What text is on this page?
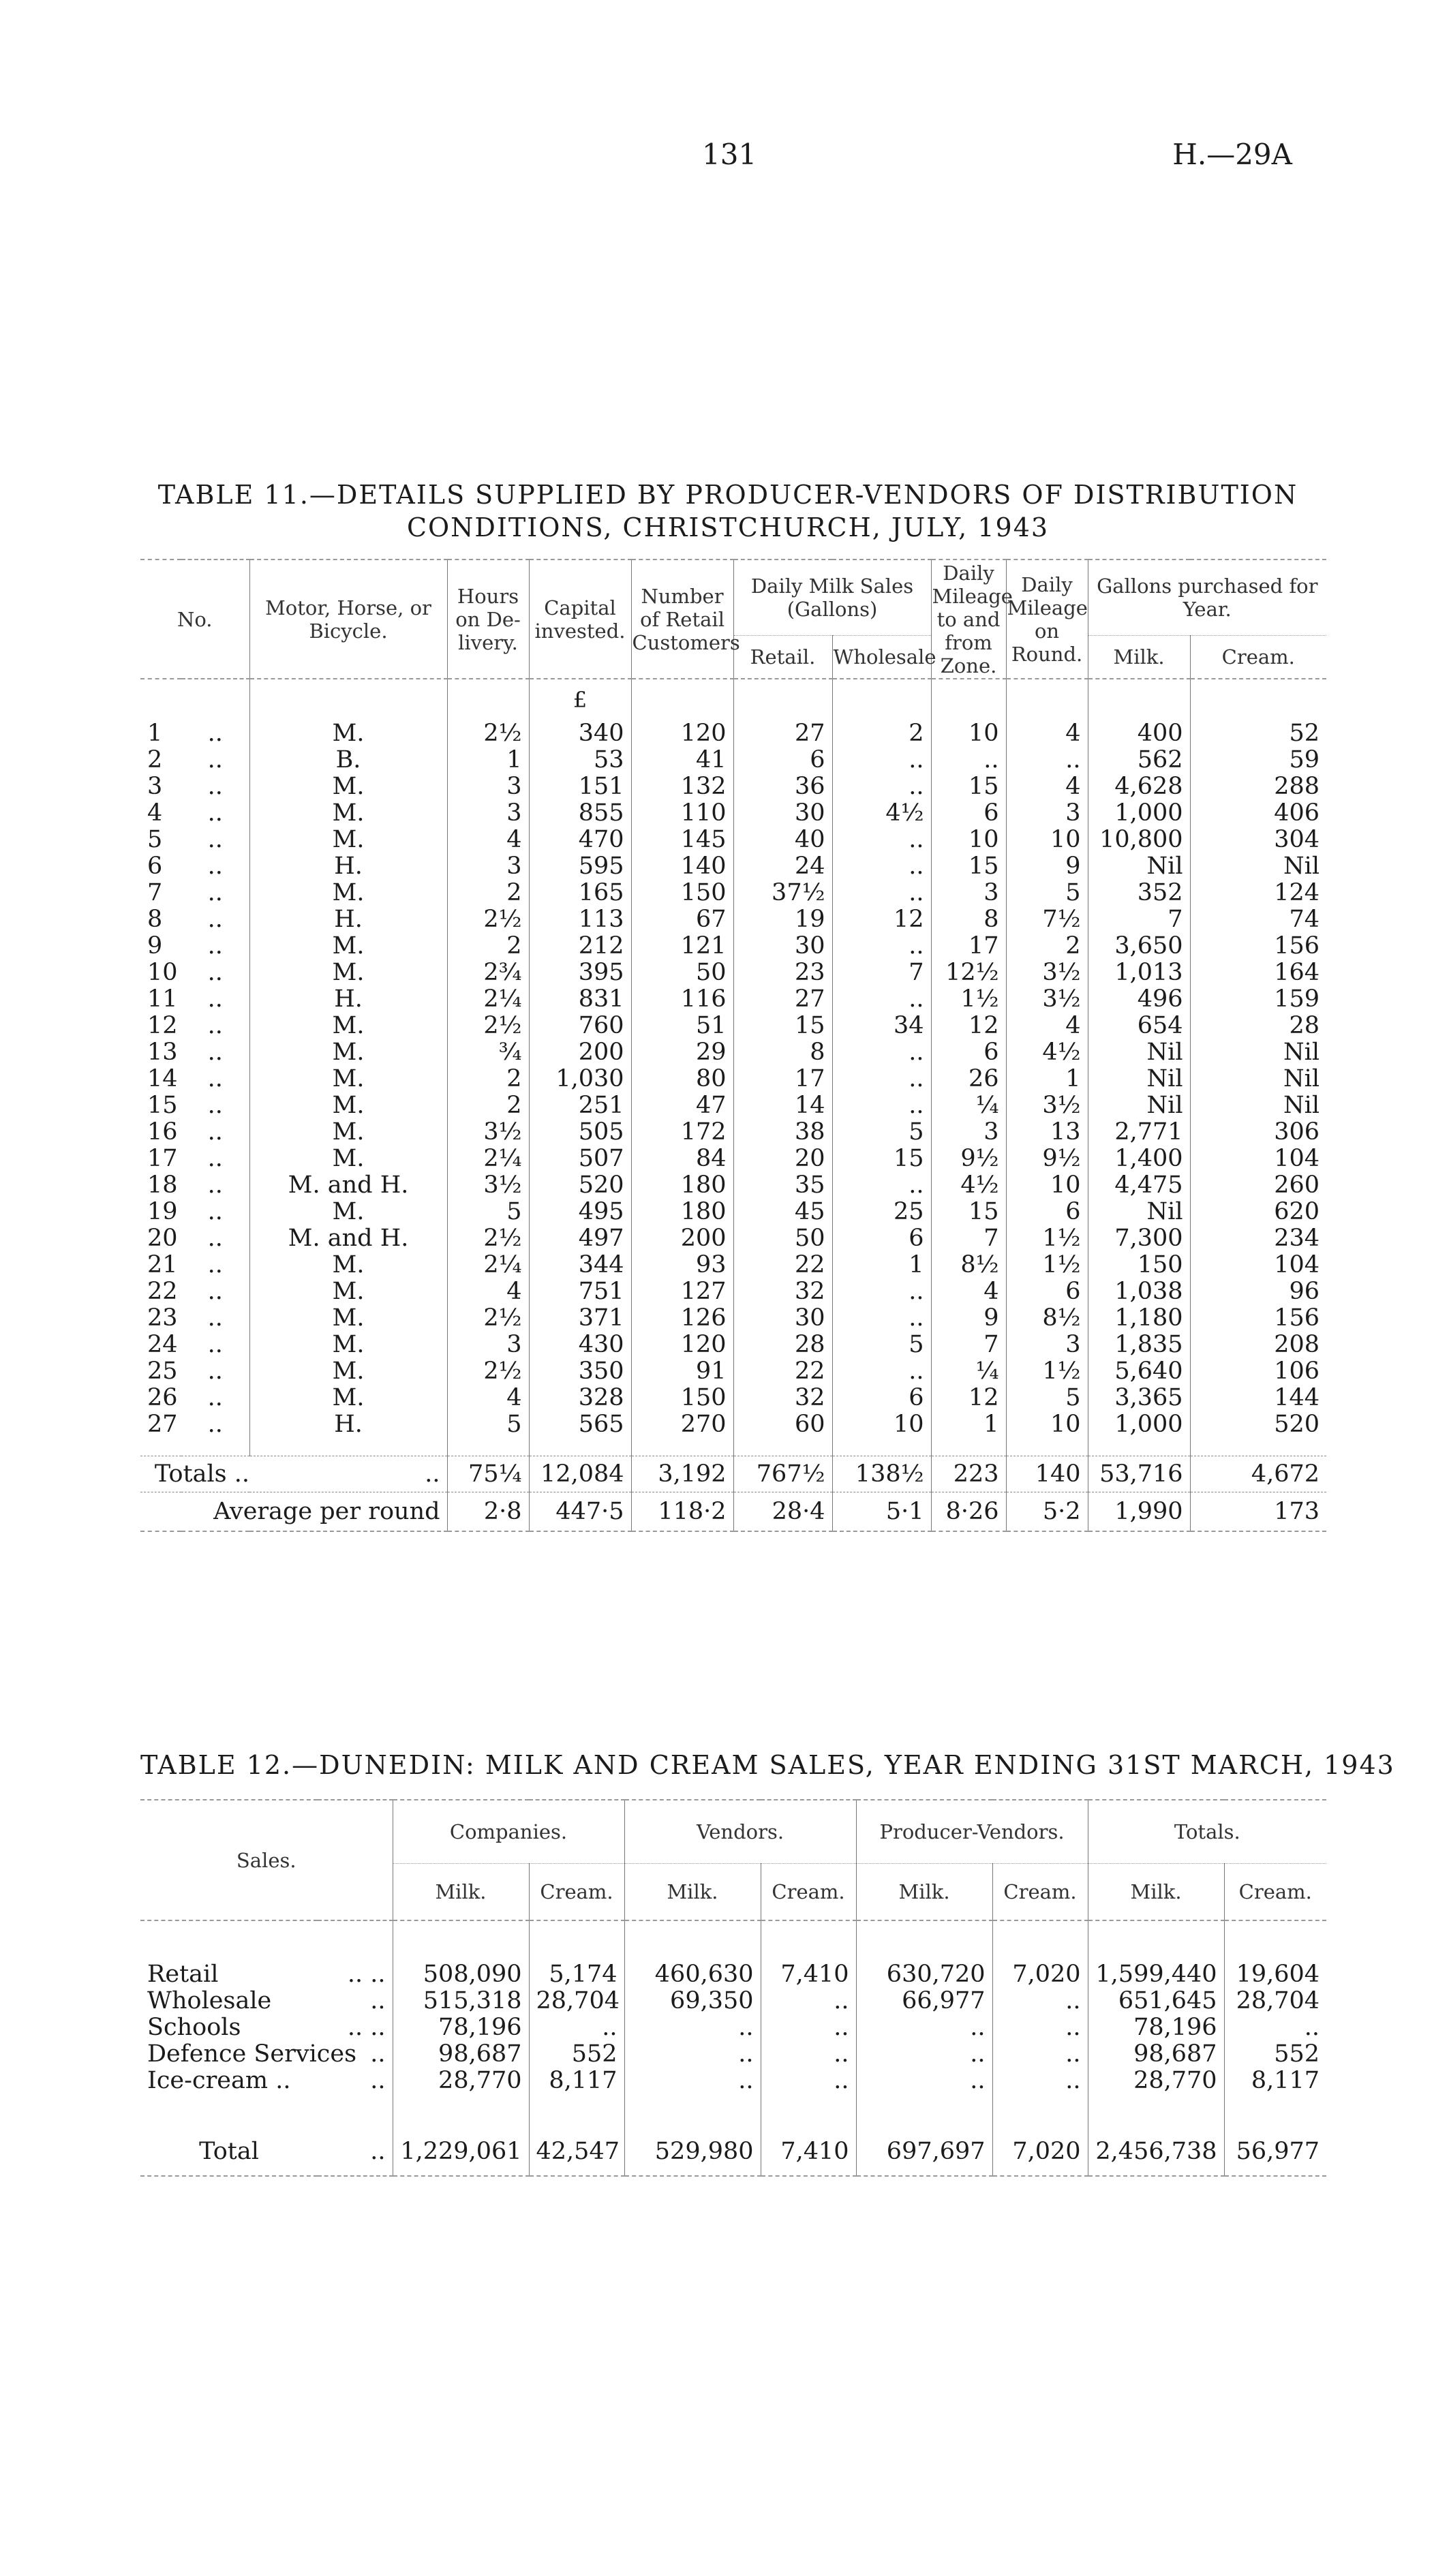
131	H.—29A
TABLE 11.—DETAILS SUPPLIED BY PRODUCER-VENDORS OF DISTRIBUTION
CONDITIONS, CHRISTCHURCH, JULY, 1943
No.		Motor, Horse, or Bicycle.	Hours on De- livery.	Capital invested.	Number of Retail Customers	Daily Milk Sales (Gallons)		Daily Mileage to and from Zone.	Daily Mileage on Round.	Gallons purchased for Year.	
						Retail.	Wholesale			Milk.	Cream.
				£							
1	..	M.	2½	340	120	27	2	10	4	400	52
2	..	B.	1	53	41	6	..	..	..	562	59
3	..	M.	3	151	132	36	..	15	4	4,628	288
4	..	M.	3	855	110	30	4½	6	3	1,000	406
5	..	M.	4	470	145	40	..	10	10	10,800	304
6	..	H.	3	595	140	24	..	15	9	Nil	Nil
7	..	M.	2	165	150	37½	..	3	5	352	124
8	..	H.	2½	113	67	19	12	8	7½	7	74
9	..	M.	2	212	121	30	..	17	2	3,650	156
10	..	M.	2¾	395	50	23	7	12½	3½	1,013	164
11	..	H.	2¼	831	116	27	..	1½	3½	496	159
12	..	M.	2½	760	51	15	34	12	4	654	28
13	..	M.	¾	200	29	8	..	6	4½	Nil	Nil
14	..	M.	2	1,030	80	17	..	26	1	Nil	Nil
15	..	M.	2	251	47	14	..	¼	3½	Nil	Nil
16	..	M.	3½	505	172	38	5	3	13	2,771	306
17	..	M.	2¼	507	84	20	15	9½	9½	1,400	104
18	..	M. and H.	3½	520	180	35	..	4½	10	4,475	260
19	..	M.	5	495	180	45	25	15	6	Nil	620
20	..	M. and H.	2½	497	200	50	6	7	1½	7,300	234
21	..	M.	2¼	344	93	22	1	8½	1½	150	104
22	..	M.	4	751	127	32	..	4	6	1,038	96
23	..	M.	2½	371	126	30	..	9	8½	1,180	156
24	..	M.	3	430	120	28	5	7	3	1,835	208
25	..	M.	2½	350	91	22	..	¼	1½	5,640	106
26	..	M.	4	328	150	32	6	12	5	3,365	144
27	..	H.	5	565	270	60	10	1	10	1,000	520

Totals ..		..	75¼	12,084	3,192	767½	138½	223	140	53,716	4,672
Average per round			2·8	447·5	118·2	28·4	5·1	8·26	5·2	1,990	173
TABLE 12.—DUNEDIN: MILK AND CREAM SALES, YEAR ENDING 31ST MARCH, 1943
Sales.		Companies.		Vendors.		Producer-Vendors.		Totals.	
		Milk.	Cream.	Milk.	Cream.	Milk.	Cream.	Milk.	Cream.

Retail	.. ..	508,090	5,174	460,630	7,410	630,720	7,020	1,599,440	19,604
Wholesale	..	515,318	28,704	69,350	..	66,977	..	651,645	28,704
Schools	.. ..	78,196	..	..	..	..	..	78,196	..
Defence Services	..	98,687	552	..	..	..	..	98,687	552
Ice-cream ..	..	28,770	8,117	..	..	..	..	28,770	8,117

Total	..	1,229,061	42,547	529,980	7,410	697,697	7,020	2,456,738	56,977
